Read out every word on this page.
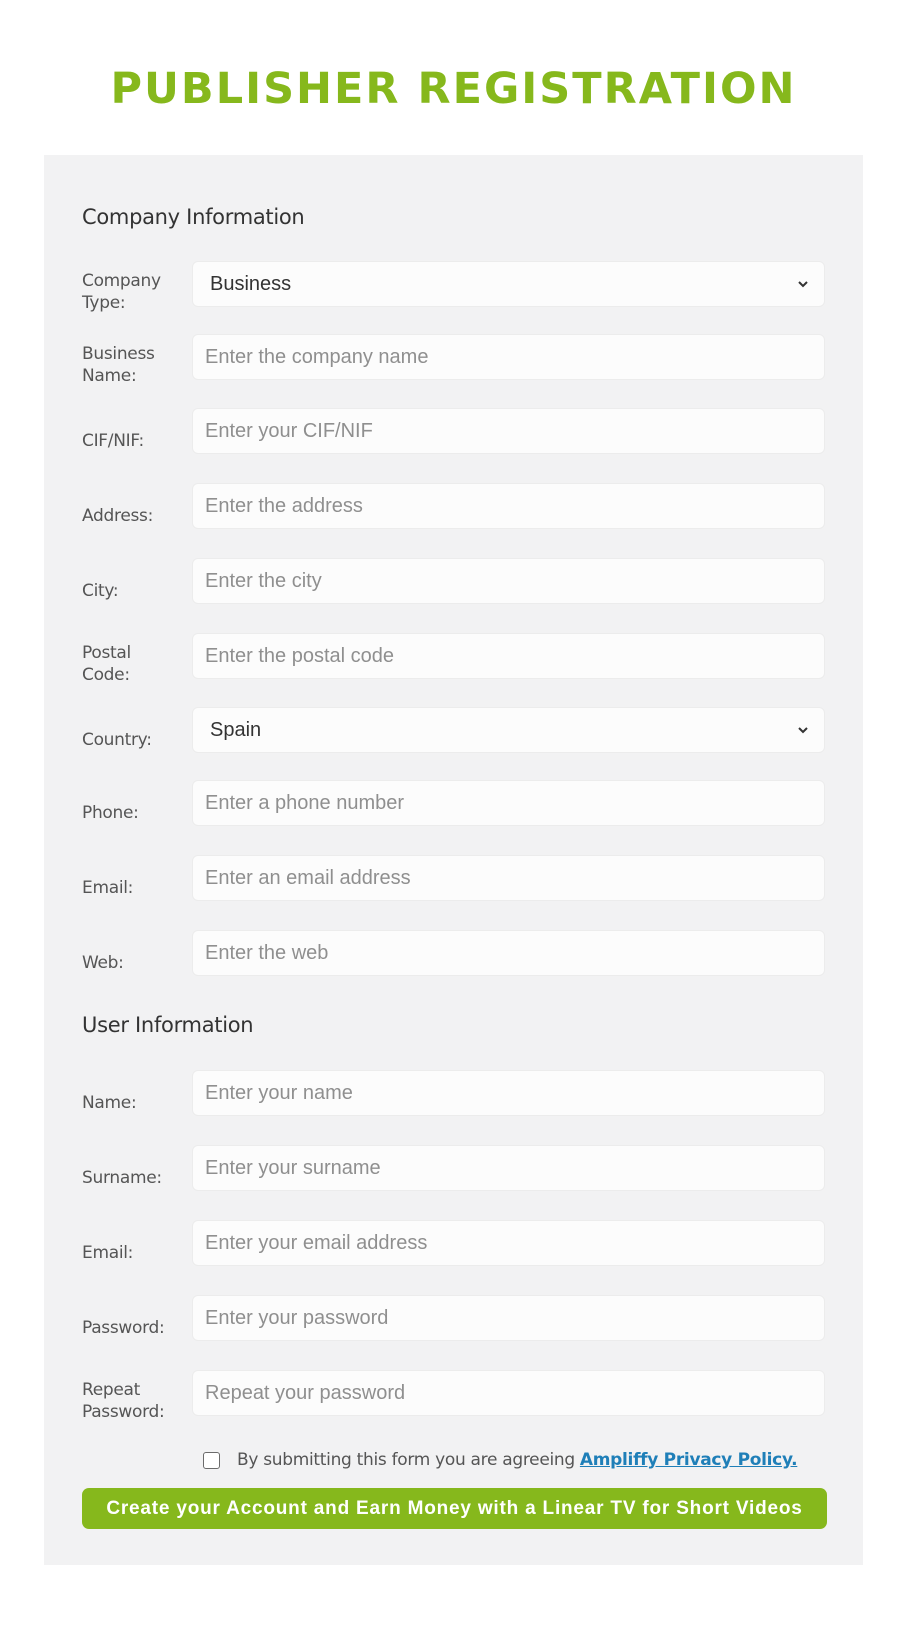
PUBLISHER REGISTRATION
Company Information
Company Type:
Business
Business Name:
Enter the company name
CIF/NIF:
Enter your CIF/NIF
Address:
Enter the address
City:
Enter the city
Postal Code:
Enter the postal code
Country:	Spain
Phone:
Enter a phone number
Email:
Enter an email address
Web:
Enter the web
User Information
Name:
Enter your name
Surname:
Enter your surname
Email:
Enter your email address
Password:
Repeat Password:
By submitting this form you are agreeing Ampliffy Privacy Policy.
Create your Account and Earn Money with a Linear TV for Short Videos
